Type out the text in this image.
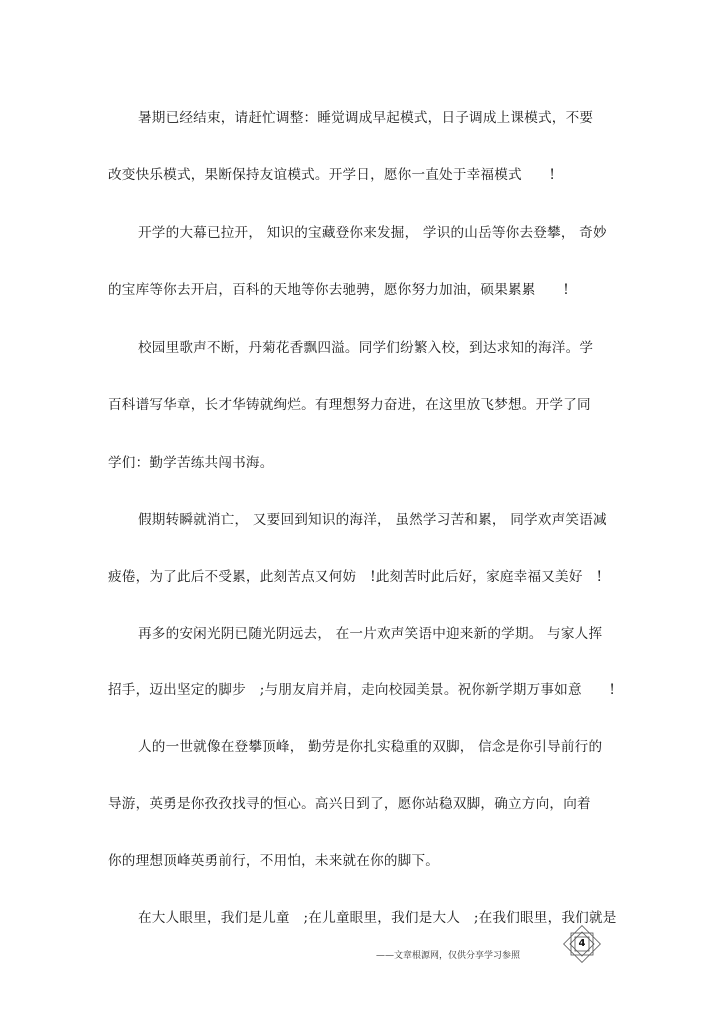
暑期已经结束，请赶忙调整：睡觉调成早起模式，日子调成上课模式，不要
改变快乐模式，果断保持友谊模式。开学日，愿你一直处于幸福模式　　!
开学的大幕已拉开， 知识的宝藏登你来发掘， 学识的山岳等你去登攀， 奇妙
的宝库等你去开启，百科的天地等你去驰骋，愿你努力加油，硕果累累　　!
校园里歌声不断，丹菊花香飘四溢。同学们纷繁入校，到达求知的海洋。学
百科谱写华章，长才华铸就绚烂。有理想努力奋进，在这里放飞梦想。开学了同
学们：勤学苦练共闯书海。
假期转瞬就消亡， 又要回到知识的海洋， 虽然学习苦和累， 同学欢声笑语减
疲倦，为了此后不受累，此刻苦点又何妨　!此刻苦时此后好，家庭幸福又美好　!
再多的安闲光阴已随光阴远去， 在一片欢声笑语中迎来新的学期。 与家人挥
招手，迈出坚定的脚步　;与朋友肩并肩，走向校园美景。祝你新学期万事如意　　!
人的一世就像在登攀顶峰， 勤劳是你扎实稳重的双脚， 信念是你引导前行的
导游，英勇是你孜孜找寻的恒心。高兴日到了，愿你站稳双脚，确立方向，向着
你的理想顶峰英勇前行，不用怕，未来就在你的脚下。
在大人眼里，我们是儿童　;在儿童眼里，我们是大人　;在我们眼里，我们就是
——文章根源网，仅供分享学习参照
4
